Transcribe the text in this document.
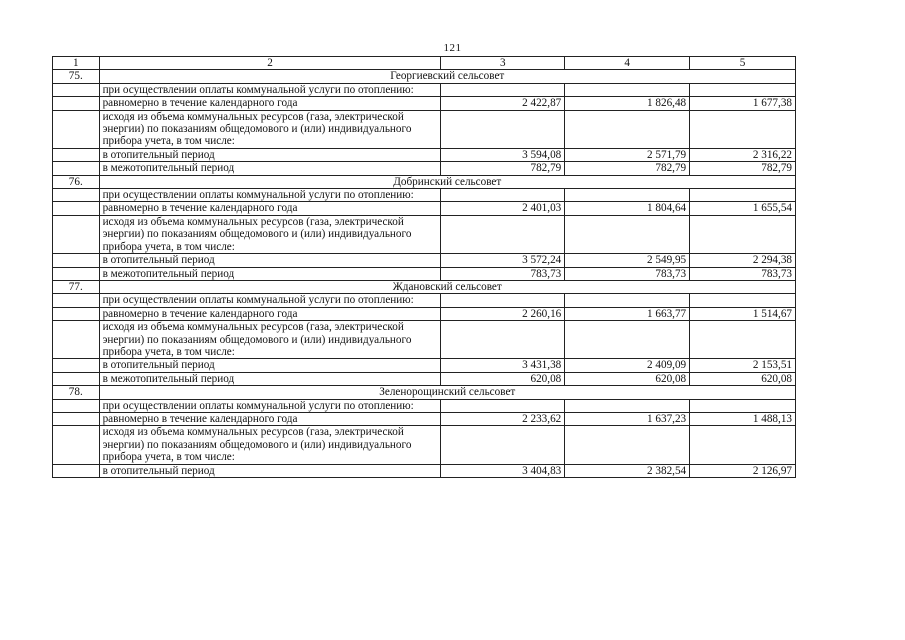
121
1	2	3	4	5
75.	Георгиевский сельсовет			
	при осуществлении оплаты коммунальной услуги по отоплению:			
	равномерно в течение календарного года	2 422,87	1 826,48	1 677,38
	исходя из объема коммунальных ресурсов (газа, электрической энергии) по показаниям общедомового и (или) индивидуального прибора учета, в том числе:			
	в отопительный период	3 594,08	2 571,79	2 316,22
	в межотопительный период	782,79	782,79	782,79
76.	Добринский сельсовет			
	при осуществлении оплаты коммунальной услуги по отоплению:			
	равномерно в течение календарного года	2 401,03	1 804,64	1 655,54
	исходя из объема коммунальных ресурсов (газа, электрической энергии) по показаниям общедомового и (или) индивидуального прибора учета, в том числе:			
	в отопительный период	3 572,24	2 549,95	2 294,38
	в межотопительный период	783,73	783,73	783,73
77.	Ждановский сельсовет			
	при осуществлении оплаты коммунальной услуги по отоплению:			
	равномерно в течение календарного года	2 260,16	1 663,77	1 514,67
	исходя из объема коммунальных ресурсов (газа, электрической энергии) по показаниям общедомового и (или) индивидуального прибора учета, в том числе:			
	в отопительный период	3 431,38	2 409,09	2 153,51
	в межотопительный период	620,08	620,08	620,08
78.	Зеленорощинский сельсовет			
	при осуществлении оплаты коммунальной услуги по отоплению:			
	равномерно в течение календарного года	2 233,62	1 637,23	1 488,13
	исходя из объема коммунальных ресурсов (газа, электрической энергии) по показаниям общедомового и (или) индивидуального прибора учета, в том числе:			
	в отопительный период	3 404,83	2 382,54	2 126,97
